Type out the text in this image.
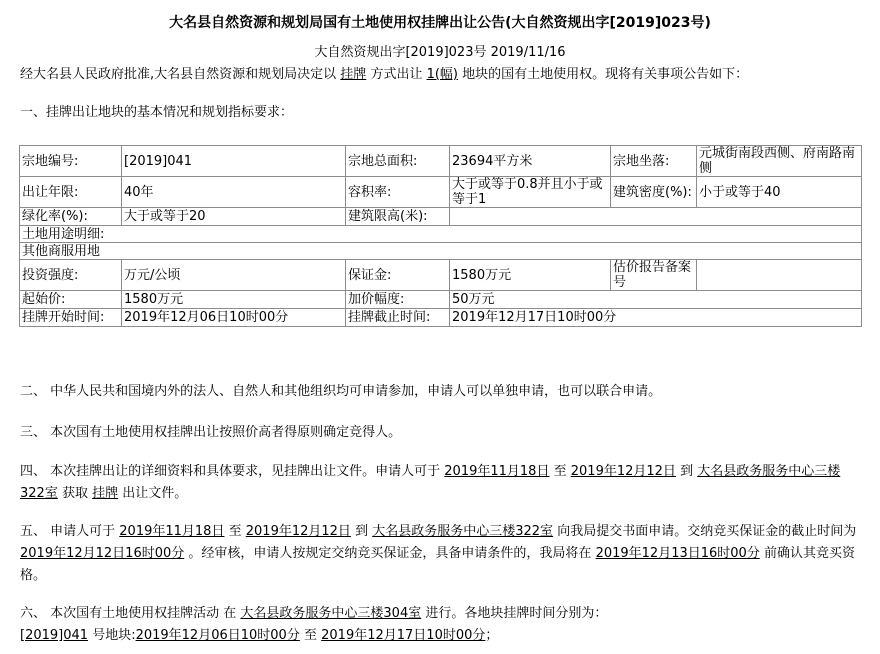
大名县自然资源和规划局国有土地使用权挂牌出让公告(大自然资规出字[2019]023号)
大自然资规出字[2019]023号 2019/11/16
经大名县人民政府批准,大名县自然资源和规划局决定以 挂牌 方式出让 1(幅) 地块的国有土地使用权。现将有关事项公告如下：
一、挂牌出让地块的基本情况和规划指标要求：
宗地编号:	[2019]041	宗地总面积:	23694平方米	宗地坐落:	元城街南段西侧、府南路南侧
出让年限:	40年	容积率:	大于或等于0.8并且小于或等于1	建筑密度(%):	小于或等于40
绿化率(%):	大于或等于20	建筑限高(米):			
土地用途明细:					
其他商服用地					
投资强度:	万元/公顷	保证金:	1580万元	估价报告备案号	
起始价:	1580万元	加价幅度:	50万元		
挂牌开始时间:	2019年12月06日10时00分	挂牌截止时间:	2019年12月17日10时00分		
二、 中华人民共和国境内外的法人、自然人和其他组织均可申请参加，申请人可以单独申请，也可以联合申请。
三、 本次国有土地使用权挂牌出让按照价高者得原则确定竞得人。
四、 本次挂牌出让的详细资料和具体要求，见挂牌出让文件。申请人可于 2019年11月18日 至 2019年12月12日 到 大名县政务服务中心三楼322室 获取 挂牌 出让文件。
五、 申请人可于 2019年11月18日 至 2019年12月12日 到 大名县政务服务中心三楼322室 向我局提交书面申请。交纳竞买保证金的截止时间为2019年12月12日16时00分 。经审核，申请人按规定交纳竞买保证金，具备申请条件的，我局将在 2019年12月13日16时00分 前确认其竞买资格。
六、 本次国有土地使用权挂牌活动 在 大名县政务服务中心三楼304室 进行。各地块挂牌时间分别为：
[2019]041 号地块:2019年12月06日10时00分 至 2019年12月17日10时00分；
